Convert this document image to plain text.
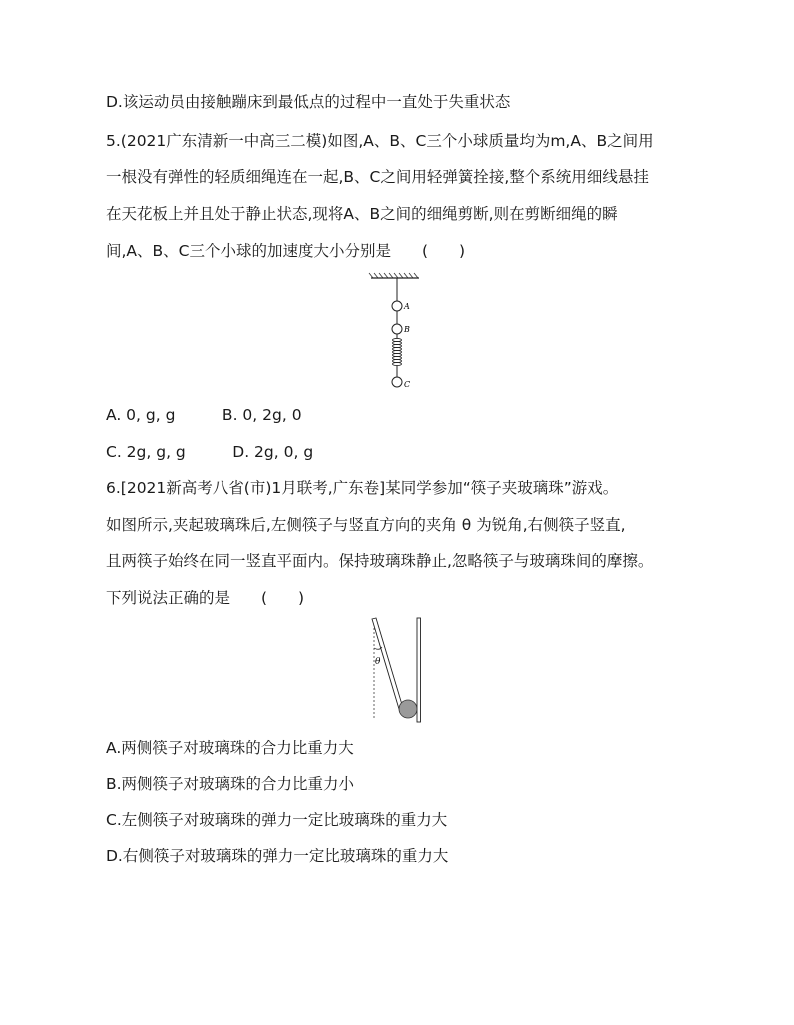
D.该运动员由接触蹦床到最低点的过程中一直处于失重状态
5.(2021广东清新一中高三二模)如图,A、B、C三个小球质量均为m,A、B之间用
一根没有弹性的轻质细绳连在一起,B、C之间用轻弹簧拴接,整个系统用细线悬挂
在天花板上并且处于静止状态,现将A、B之间的细绳剪断,则在剪断细绳的瞬
间,A、B、C三个小球的加速度大小分别是　　(　　)
A
B
C
A. 0, g, g　　　B. 0, 2g, 0
C. 2g, g, g　　　D. 2g, 0, g
6.[2021新高考八省(市)1月联考,广东卷]某同学参加“筷子夹玻璃珠”游戏。
如图所示,夹起玻璃珠后,左侧筷子与竖直方向的夹角 θ 为锐角,右侧筷子竖直,
且两筷子始终在同一竖直平面内。保持玻璃珠静止,忽略筷子与玻璃珠间的摩擦。
下列说法正确的是　　(　　)
θ
A.两侧筷子对玻璃珠的合力比重力大
B.两侧筷子对玻璃珠的合力比重力小
C.左侧筷子对玻璃珠的弹力一定比玻璃珠的重力大
D.右侧筷子对玻璃珠的弹力一定比玻璃珠的重力大
